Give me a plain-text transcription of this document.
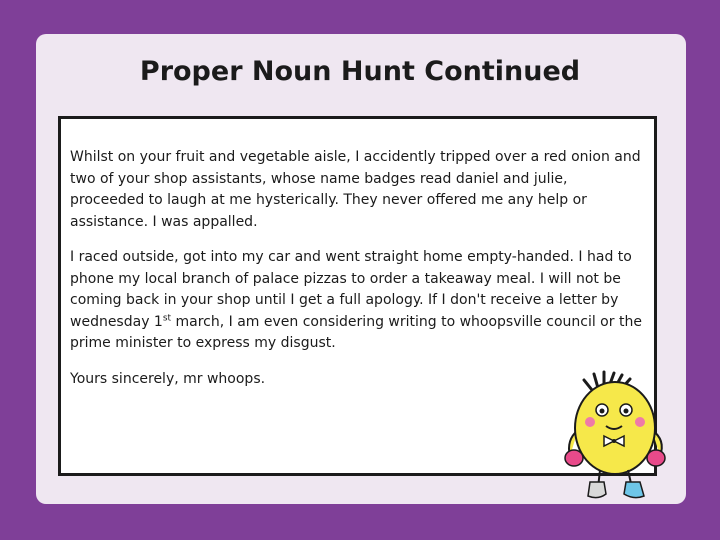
Proper Noun Hunt Continued

Whilst on your fruit and vegetable aisle, I accidently tripped over a red onion and two of your shop assistants, whose name badges read daniel and julie, proceeded to laugh at me hysterically. They never offered me any help or assistance. I was appalled.

I raced outside, got into my car and went straight home empty-handed. I had to phone my local branch of palace pizzas to order a takeaway meal. I will not be coming back in your shop until I get a full apology. If I don't receive a letter by wednesday 1st march, I am even considering writing to whoopsville council or the prime minister to express my disgust.

Yours sincerely, mr whoops.
